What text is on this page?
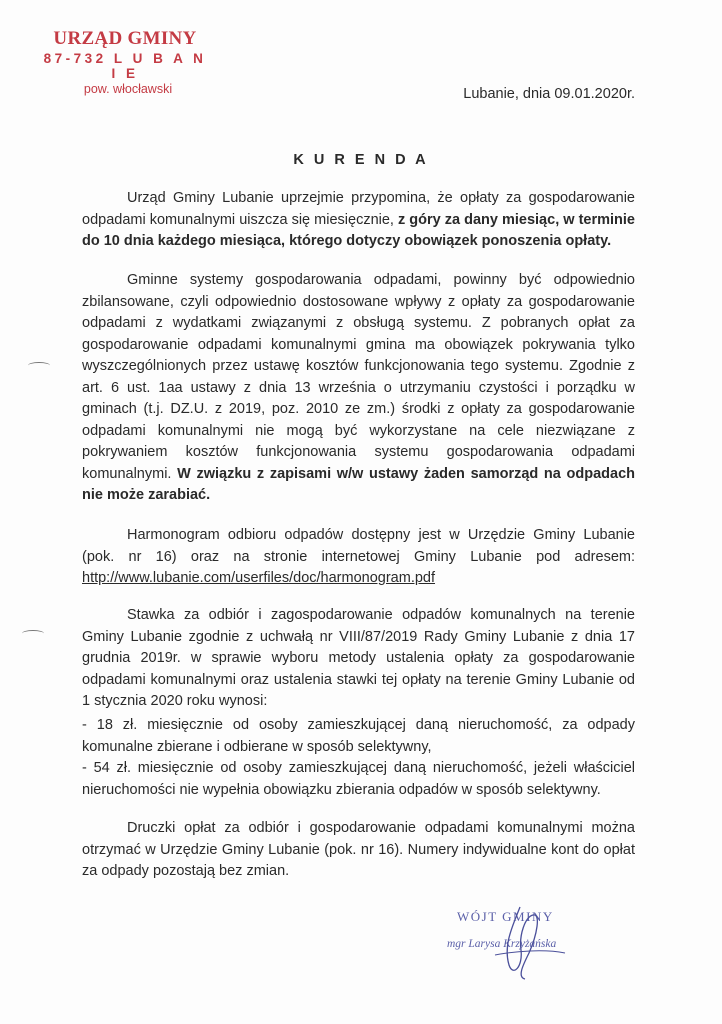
URZĄD GMINY
87-732 L U B A N I E
pow. włocławski	Lubanie, dnia 09.01.2020r.
K U R E N D A
Urząd Gminy Lubanie uprzejmie przypomina, że opłaty za gospodarowanie odpadami komunalnymi uiszcza się miesięcznie, z góry za dany miesiąc, w terminie do 10 dnia każdego miesiąca, którego dotyczy obowiązek ponoszenia opłaty.
Gminne systemy gospodarowania odpadami, powinny być odpowiednio zbilansowane, czyli odpowiednio dostosowane wpływy z opłaty za gospodarowanie odpadami z wydatkami związanymi z obsługą systemu. Z pobranych opłat za gospodarowanie odpadami komunalnymi gmina ma obowiązek pokrywania tylko wyszczególnionych przez ustawę kosztów funkcjonowania tego systemu. Zgodnie z art. 6 ust. 1aa ustawy z dnia 13 września o utrzymaniu czystości i porządku w gminach (t.j. DZ.U. z 2019, poz. 2010 ze zm.) środki z opłaty za gospodarowanie odpadami komunalnymi nie mogą być wykorzystane na cele niezwiązane z pokrywaniem kosztów funkcjonowania systemu gospodarowania odpadami komunalnymi. W związku z zapisami w/w ustawy żaden samorząd na odpadach nie może zarabiać.
Harmonogram odbioru odpadów dostępny jest w Urzędzie Gminy Lubanie (pok. nr 16) oraz na stronie internetowej Gminy Lubanie pod adresem: http://www.lubanie.com/userfiles/doc/harmonogram.pdf
Stawka za odbiór i zagospodarowanie odpadów komunalnych na terenie Gminy Lubanie zgodnie z uchwałą nr VIII/87/2019 Rady Gminy Lubanie z dnia 17 grudnia 2019r. w sprawie wyboru metody ustalenia opłaty za gospodarowanie odpadami komunalnymi oraz ustalenia stawki tej opłaty na terenie Gminy Lubanie od 1 stycznia 2020 roku wynosi:
- 18 zł. miesięcznie od osoby zamieszkującej daną nieruchomość, za odpady komunalne zbierane i odbierane w sposób selektywny,
- 54 zł. miesięcznie od osoby zamieszkującej daną nieruchomość, jeżeli właściciel nieruchomości nie wypełnia obowiązku zbierania odpadów w sposób selektywny.
Druczki opłat za odbiór i gospodarowanie odpadami komunalnymi można otrzymać w Urzędzie Gminy Lubanie (pok. nr 16). Numery indywidualne kont do opłat za odpady pozostają bez zmian.
WÓJT GMINY
mgr Larysa Krzyżańska
